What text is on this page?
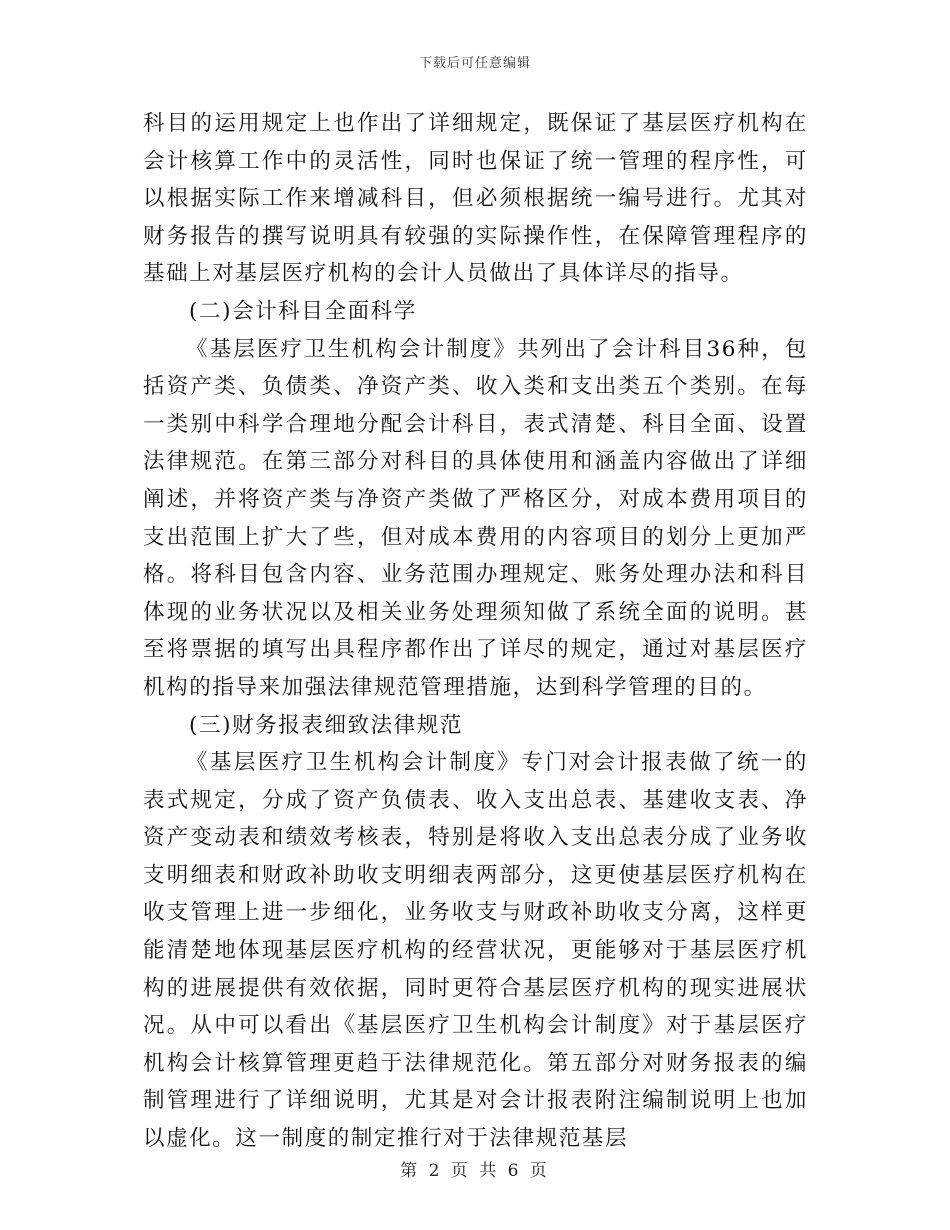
下载后可任意编辑

科目的运用规定上也作出了详细规定，既保证了基层医疗机构在会计核算工作中的灵活性，同时也保证了统一管理的程序性，可以根据实际工作来增减科目，但必须根据统一编号进行。尤其对财务报告的撰写说明具有较强的实际操作性，在保障管理程序的基础上对基层医疗机构的会计人员做出了具体详尽的指导。

(二)会计科目全面科学

《基层医疗卫生机构会计制度》共列出了会计科目36种，包括资产类、负债类、净资产类、收入类和支出类五个类别。在每一类别中科学合理地分配会计科目，表式清楚、科目全面、设置法律规范。在第三部分对科目的具体使用和涵盖内容做出了详细阐述，并将资产类与净资产类做了严格区分，对成本费用项目的支出范围上扩大了些，但对成本费用的内容项目的划分上更加严格。将科目包含内容、业务范围办理规定、账务处理办法和科目体现的业务状况以及相关业务处理须知做了系统全面的说明。甚至将票据的填写出具程序都作出了详尽的规定，通过对基层医疗机构的指导来加强法律规范管理措施，达到科学管理的目的。

(三)财务报表细致法律规范

《基层医疗卫生机构会计制度》专门对会计报表做了统一的表式规定，分成了资产负债表、收入支出总表、基建收支表、净资产变动表和绩效考核表，特别是将收入支出总表分成了业务收支明细表和财政补助收支明细表两部分，这更使基层医疗机构在收支管理上进一步细化，业务收支与财政补助收支分离，这样更能清楚地体现基层医疗机构的经营状况，更能够对于基层医疗机构的进展提供有效依据，同时更符合基层医疗机构的现实进展状况。从中可以看出《基层医疗卫生机构会计制度》对于基层医疗机构会计核算管理更趋于法律规范化。第五部分对财务报表的编制管理进行了详细说明，尤其是对会计报表附注编制说明上也加以虚化。这一制度的制定推行对于法律规范基层

第 2 页 共 6 页
